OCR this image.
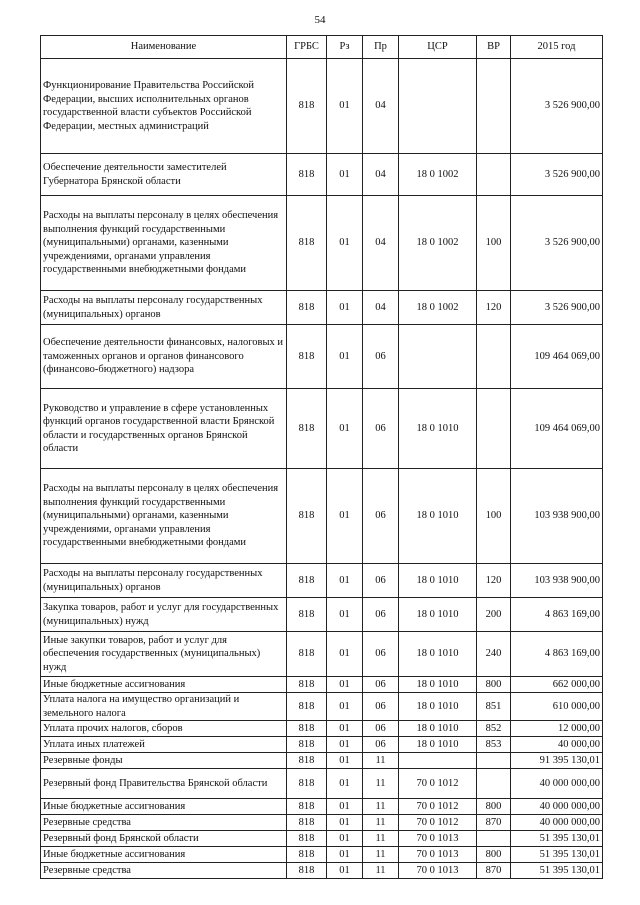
54
Наименование	ГРБС	Рз	Пр	ЦСР	ВР	2015 год
Функционирование Правительства Российской Федерации, высших исполнительных органов государственной власти субъектов Российской Федерации, местных администраций	818	01	04			3 526 900,00
Обеспечение деятельности заместителей Губернатора Брянской области	818	01	04	18 0 1002		3 526 900,00
Расходы на выплаты персоналу в целях обеспечения выполнения функций государственными (муниципальными) органами, казенными учреждениями, органами управления государственными внебюджетными фондами	818	01	04	18 0 1002	100	3 526 900,00
Расходы на выплаты персоналу государственных (муниципальных) органов	818	01	04	18 0 1002	120	3 526 900,00
Обеспечение деятельности финансовых, налоговых и таможенных органов и органов финансового (финансово-бюджетного) надзора	818	01	06			109 464 069,00
Руководство и управление в сфере установленных функций органов государственной власти Брянской области и государственных органов Брянской области	818	01	06	18 0 1010		109 464 069,00
Расходы на выплаты персоналу в целях обеспечения выполнения функций государственными (муниципальными) органами, казенными учреждениями, органами управления государственными внебюджетными фондами	818	01	06	18 0 1010	100	103 938 900,00
Расходы на выплаты персоналу государственных (муниципальных) органов	818	01	06	18 0 1010	120	103 938 900,00
Закупка товаров, работ и услуг для государственных (муниципальных) нужд	818	01	06	18 0 1010	200	4 863 169,00
Иные закупки товаров, работ и услуг для обеспечения государственных (муниципальных) нужд	818	01	06	18 0 1010	240	4 863 169,00
Иные бюджетные ассигнования	818	01	06	18 0 1010	800	662 000,00
Уплата налога на имущество организаций и земельного налога	818	01	06	18 0 1010	851	610 000,00
Уплата прочих налогов, сборов	818	01	06	18 0 1010	852	12 000,00
Уплата иных платежей	818	01	06	18 0 1010	853	40 000,00
Резервные фонды	818	01	11			91 395 130,01
Резервный фонд Правительства Брянской области	818	01	11	70 0 1012		40 000 000,00
Иные бюджетные ассигнования	818	01	11	70 0 1012	800	40 000 000,00
Резервные средства	818	01	11	70 0 1012	870	40 000 000,00
Резервный фонд Брянской области	818	01	11	70 0 1013		51 395 130,01
Иные бюджетные ассигнования	818	01	11	70 0 1013	800	51 395 130,01
Резервные средства	818	01	11	70 0 1013	870	51 395 130,01
